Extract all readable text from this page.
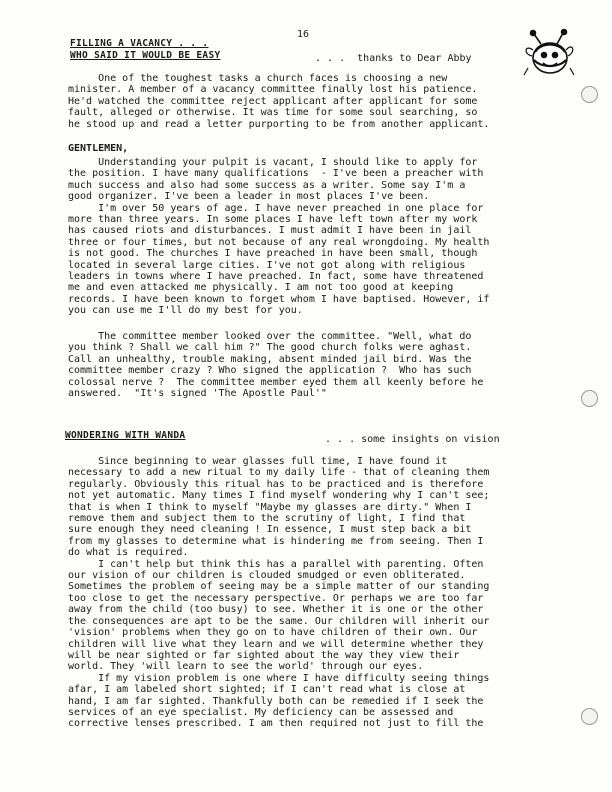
16
FILLING A VACANCY . . .
WHO SAID IT WOULD BE EASY	. . .  thanks to Dear Abby
One of the toughest tasks a church faces is choosing a new
minister. A member of a vacancy committee finally lost his patience.
He'd watched the committee reject applicant after applicant for some
fault, alleged or otherwise. It was time for some soul searching, so
he stood up and read a letter purporting to be from another applicant.
GENTLEMEN,
Understanding your pulpit is vacant, I should like to apply for
the position. I have many qualifications  - I've been a preacher with
much success and also had some success as a writer. Some say I'm a
good organizer. I've been a leader in most places I've been.
I'm over 50 years of age. I have never preached in one place for
more than three years. In some places I have left town after my work
has caused riots and disturbances. I must admit I have been in jail
three or four times, but not because of any real wrongdoing. My health
is not good. The churches I have preached in have been small, though
located in several large cities. I've not got along with religious
leaders in towns where I have preached. In fact, some have threatened
me and even attacked me physically. I am not too good at keeping
records. I have been known to forget whom I have baptised. However, if
you can use me I'll do my best for you.
The committee member looked over the committee. "Well, what do
you think ? Shall we call him ?" The good church folks were aghast.
Call an unhealthy, trouble making, absent minded jail bird. Was the
committee member crazy ? Who signed the application ?  Who has such
colossal nerve ?  The committee member eyed them all keenly before he
answered.  "It's signed 'The Apostle Paul'"
WONDERING WITH WANDA	. . . some insights on vision
Since beginning to wear glasses full time, I have found it
necessary to add a new ritual to my daily life - that of cleaning them
regularly. Obviously this ritual has to be practiced and is therefore
not yet automatic. Many times I find myself wondering why I can't see;
that is when I think to myself "Maybe my glasses are dirty." When I
remove them and subject them to the scrutiny of light, I find that
sure enough they need cleaning ! In essence, I must step back a bit
from my glasses to determine what is hindering me from seeing. Then I
do what is required.
I can't help but think this has a parallel with parenting. Often
our vision of our children is clouded smudged or even obliterated.
Sometimes the problem of seeing may be a simple matter of our standing
too close to get the necessary perspective. Or perhaps we are too far
away from the child (too busy) to see. Whether it is one or the other
the consequences are apt to be the same. Our children will inherit our
'vision' problems when they go on to have children of their own. Our
children will live what they learn and we will determine whether they
will be near sighted or far sighted about the way they view their
world. They 'will learn to see the world' through our eyes.
If my vision problem is one where I have difficulty seeing things
afar, I am labeled short sighted; if I can't read what is close at
hand, I am far sighted. Thankfully both can be remedied if I seek the
services of an eye specialist. My deficiency can be assessed and
corrective lenses prescribed. I am then required not just to fill the
